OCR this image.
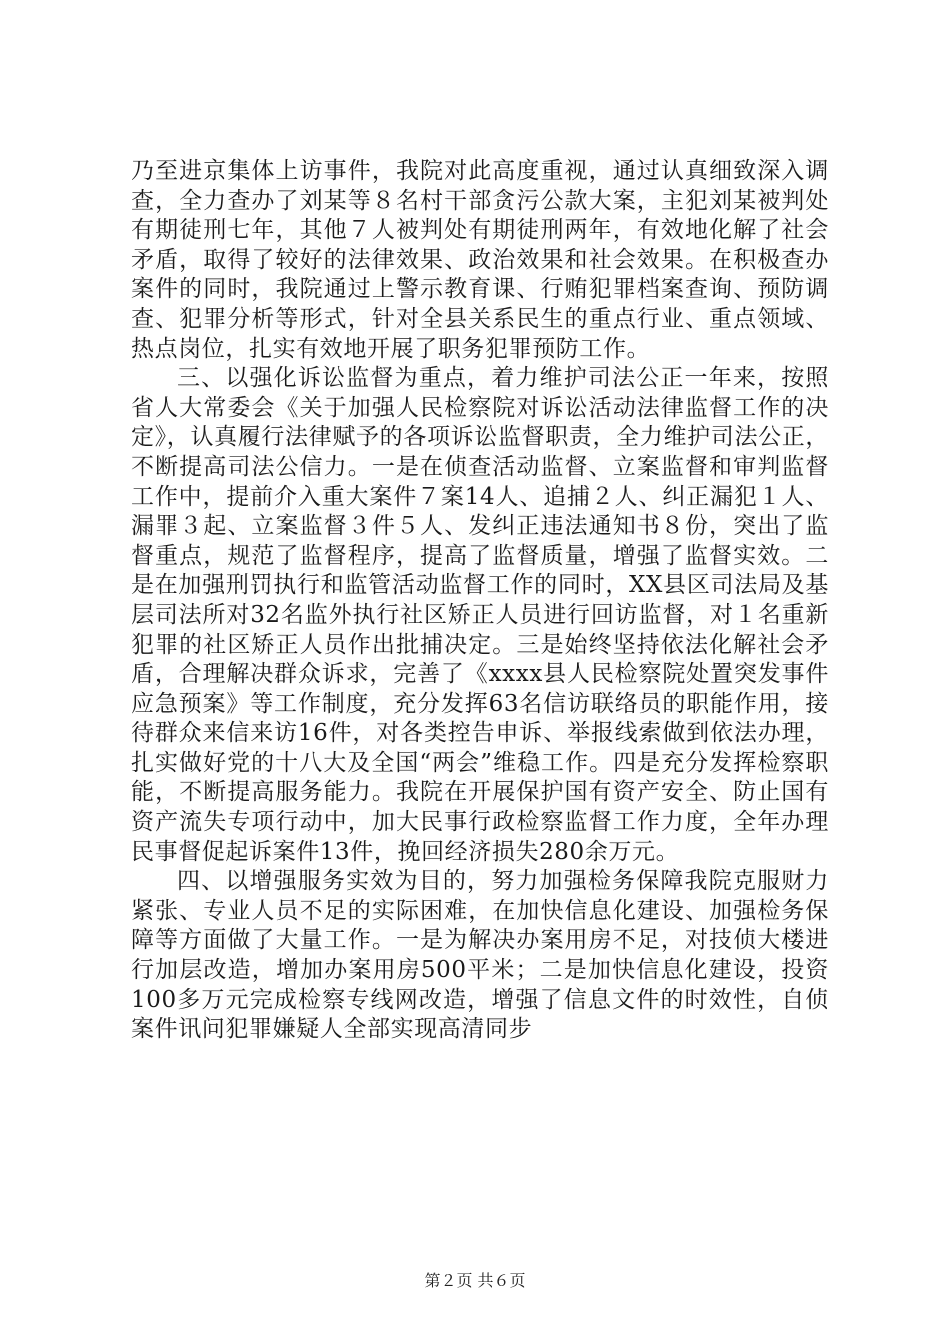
乃至进京集体上访事件，我院对此高度重视，通过认真细致深入调查，全力查办了刘某等８名村干部贪污公款大案，主犯刘某被判处有期徒刑七年，其他７人被判处有期徒刑两年，有效地化解了社会矛盾，取得了较好的法律效果、政治效果和社会效果。在积极查办案件的同时，我院通过上警示教育课、行贿犯罪档案查询、预防调查、犯罪分析等形式，针对全县关系民生的重点行业、重点领域、热点岗位，扎实有效地开展了职务犯罪预防工作。

三、以强化诉讼监督为重点，着力维护司法公正一年来，按照省人大常委会《关于加强人民检察院对诉讼活动法律监督工作的决定》，认真履行法律赋予的各项诉讼监督职责，全力维护司法公正，不断提高司法公信力。一是在侦查活动监督、立案监督和审判监督工作中，提前介入重大案件７案14人、追捕２人、纠正漏犯１人、漏罪３起、立案监督３件５人、发纠正违法通知书８份，突出了监督重点，规范了监督程序，提高了监督质量，增强了监督实效。二是在加强刑罚执行和监管活动监督工作的同时，XX县区司法局及基层司法所对32名监外执行社区矫正人员进行回访监督，对１名重新犯罪的社区矫正人员作出批捕决定。三是始终坚持依法化解社会矛盾，合理解决群众诉求，完善了《xxxx县人民检察院处置突发事件应急预案》等工作制度，充分发挥63名信访联络员的职能作用，接待群众来信来访16件，对各类控告申诉、举报线索做到依法办理，扎实做好党的十八大及全国“两会”维稳工作。四是充分发挥检察职能，不断提高服务能力。我院在开展保护国有资产安全、防止国有资产流失专项行动中，加大民事行政检察监督工作力度，全年办理民事督促起诉案件13件，挽回经济损失280余万元。

四、以增强服务实效为目的，努力加强检务保障我院克服财力紧张、专业人员不足的实际困难，在加快信息化建设、加强检务保障等方面做了大量工作。一是为解决办案用房不足，对技侦大楼进行加层改造，增加办案用房500平米；二是加快信息化建设，投资100多万元完成检察专线网改造，增强了信息文件的时效性，自侦案件讯问犯罪嫌疑人全部实现高清同步

第２页 共６页
